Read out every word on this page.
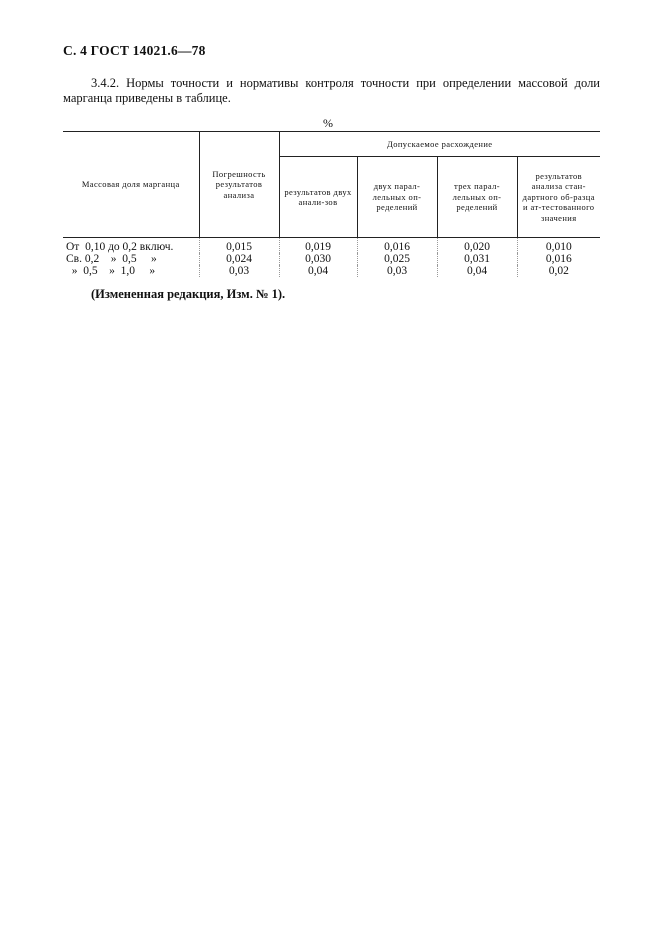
С. 4 ГОСТ 14021.6—78
3.4.2. Нормы точности и нормативы контроля точности при определении массовой доли марганца приведены в таблице.
%
Массовая доля марганца	Погрешность результатов анализа	Допускаемое расхождение			
		результатов двух анали-зов	двух парал-лельных оп-ределений	трех парал-лельных оп-ределений	результатов анализа стан-дартного об-разца и ат-тестованного значения
От  0,10 до 0,2 включ.	0,015	0,019	0,016	0,020	0,010
Св. 0,2    »  0,5     »	0,024	0,030	0,025	0,031	0,016
»  0,5    »  1,0     »	0,03	0,04	0,03	0,04	0,02
(Измененная редакция, Изм. № 1).
